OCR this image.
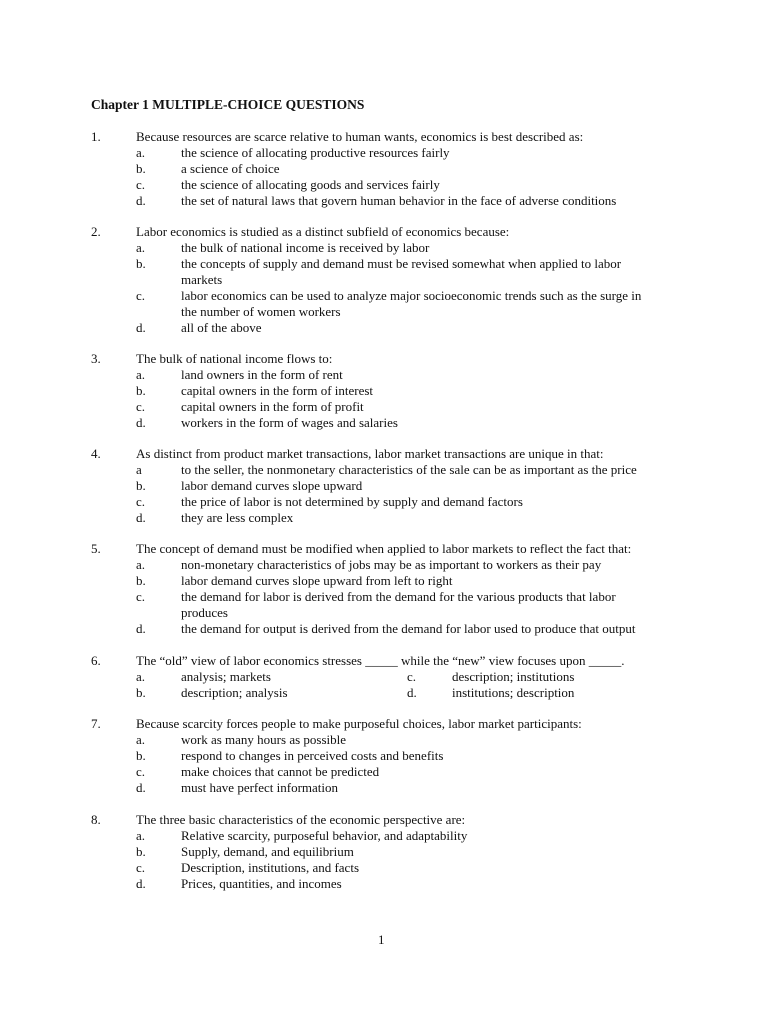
Chapter 1 MULTIPLE-CHOICE QUESTIONS
1.	Because resources are scarce relative to human wants, economics is best described as:
a.	the science of allocating productive resources fairly
b.	a science of choice
c.	the science of allocating goods and services fairly
d.	the set of natural laws that govern human behavior in the face of adverse conditions
2.	Labor economics is studied as a distinct subfield of economics because:
a.	the bulk of national income is received by labor
b.	the concepts of supply and demand must be revised somewhat when applied to labor
markets
c.	labor economics can be used to analyze major socioeconomic trends such as the surge in
the number of women workers
d.	all of the above
3.	The bulk of national income flows to:
a.	land owners in the form of rent
b.	capital owners in the form of interest
c.	capital owners in the form of profit
d.	workers in the form of wages and salaries
4.	As distinct from product market transactions, labor market transactions are unique in that:
a	to the seller, the nonmonetary characteristics of the sale can be as important as the price
b.	labor demand curves slope upward
c.	the price of labor is not determined by supply and demand factors
d.	they are less complex
5.	The concept of demand must be modified when applied to labor markets to reflect the fact that:
a.	non-monetary characteristics of jobs may be as important to workers as their pay
b.	labor demand curves slope upward from left to right
c.	the demand for labor is derived from the demand for the various products that labor
produces
d.	the demand for output is derived from the demand for labor used to produce that output
6.	The “old” view of labor economics stresses _____ while the “new” view focuses upon _____.
a.	analysis; markets	c.	description; institutions
b.	description; analysis	d.	institutions; description
7.	Because scarcity forces people to make purposeful choices, labor market participants:
a.	work as many hours as possible
b.	respond to changes in perceived costs and benefits
c.	make choices that cannot be predicted
d.	must have perfect information
8.	The three basic characteristics of the economic perspective are:
a.	Relative scarcity, purposeful behavior, and adaptability
b.	Supply, demand, and equilibrium
c.	Description, institutions, and facts
d.	Prices, quantities, and incomes
1
